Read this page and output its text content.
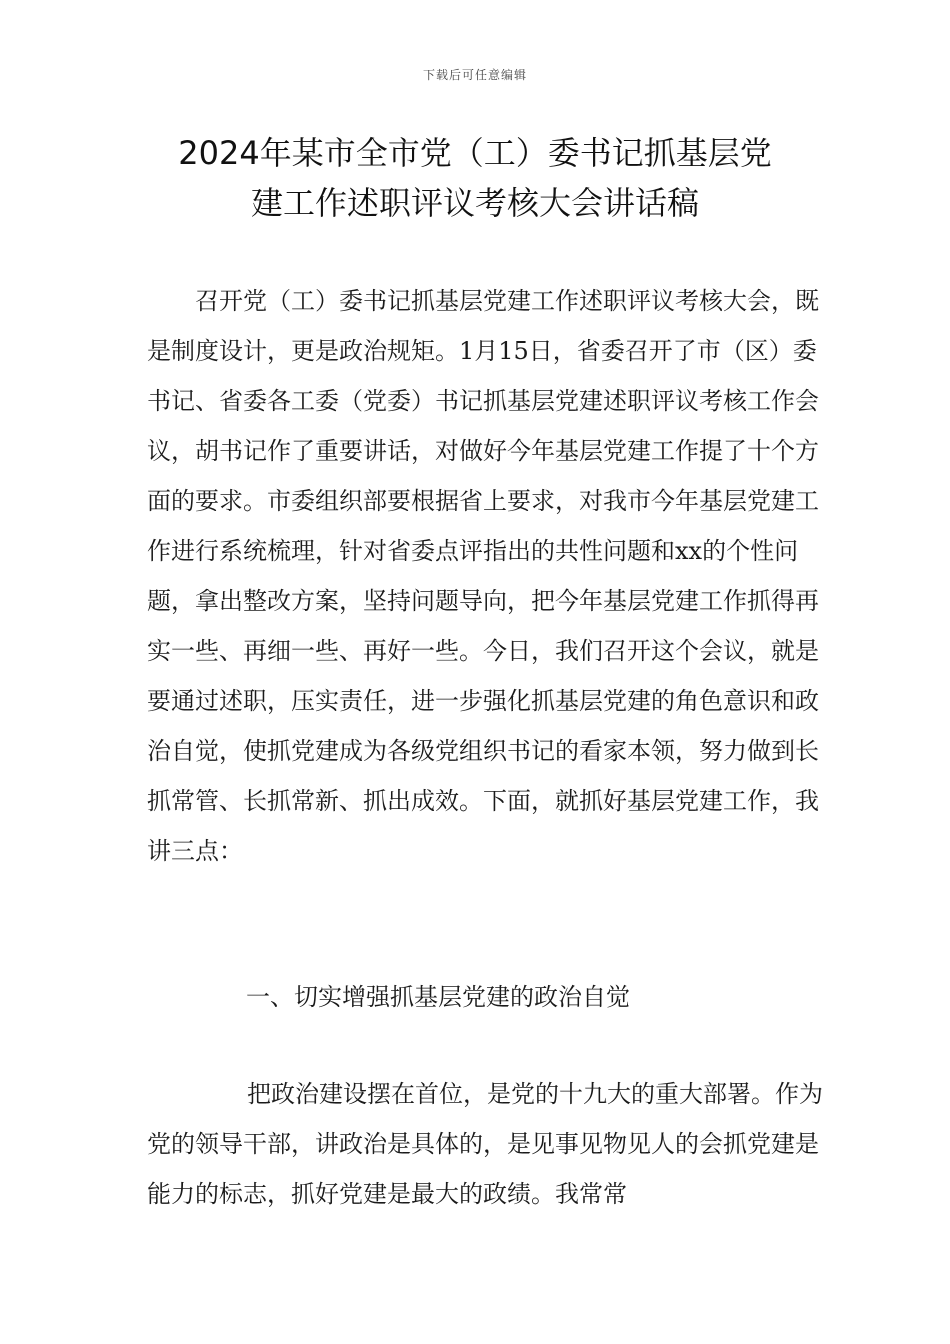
下载后可任意编辑
2024年某市全市党（工）委书记抓基层党
建工作述职评议考核大会讲话稿

召开党（工）委书记抓基层党建工作述职评议考核大会，既是制度设计，更是政治规矩。1月15日，省委召开了市（区）委书记、省委各工委（党委）书记抓基层党建述职评议考核工作会议，胡书记作了重要讲话，对做好今年基层党建工作提了十个方面的要求。市委组织部要根据省上要求，对我市今年基层党建工作进行系统梳理，针对省委点评指出的共性问题和xx的个性问题，拿出整改方案，坚持问题导向，把今年基层党建工作抓得再实一些、再细一些、再好一些。今日，我们召开这个会议，就是要通过述职，压实责任，进一步强化抓基层党建的角色意识和政治自觉，使抓党建成为各级党组织书记的看家本领，努力做到长抓常管、长抓常新、抓出成效。下面，就抓好基层党建工作，我讲三点：

一、切实增强抓基层党建的政治自觉

把政治建设摆在首位，是党的十九大的重大部署。作为党的领导干部，讲政治是具体的，是见事见物见人的会抓党建是能力的标志，抓好党建是最大的政绩。我常常
